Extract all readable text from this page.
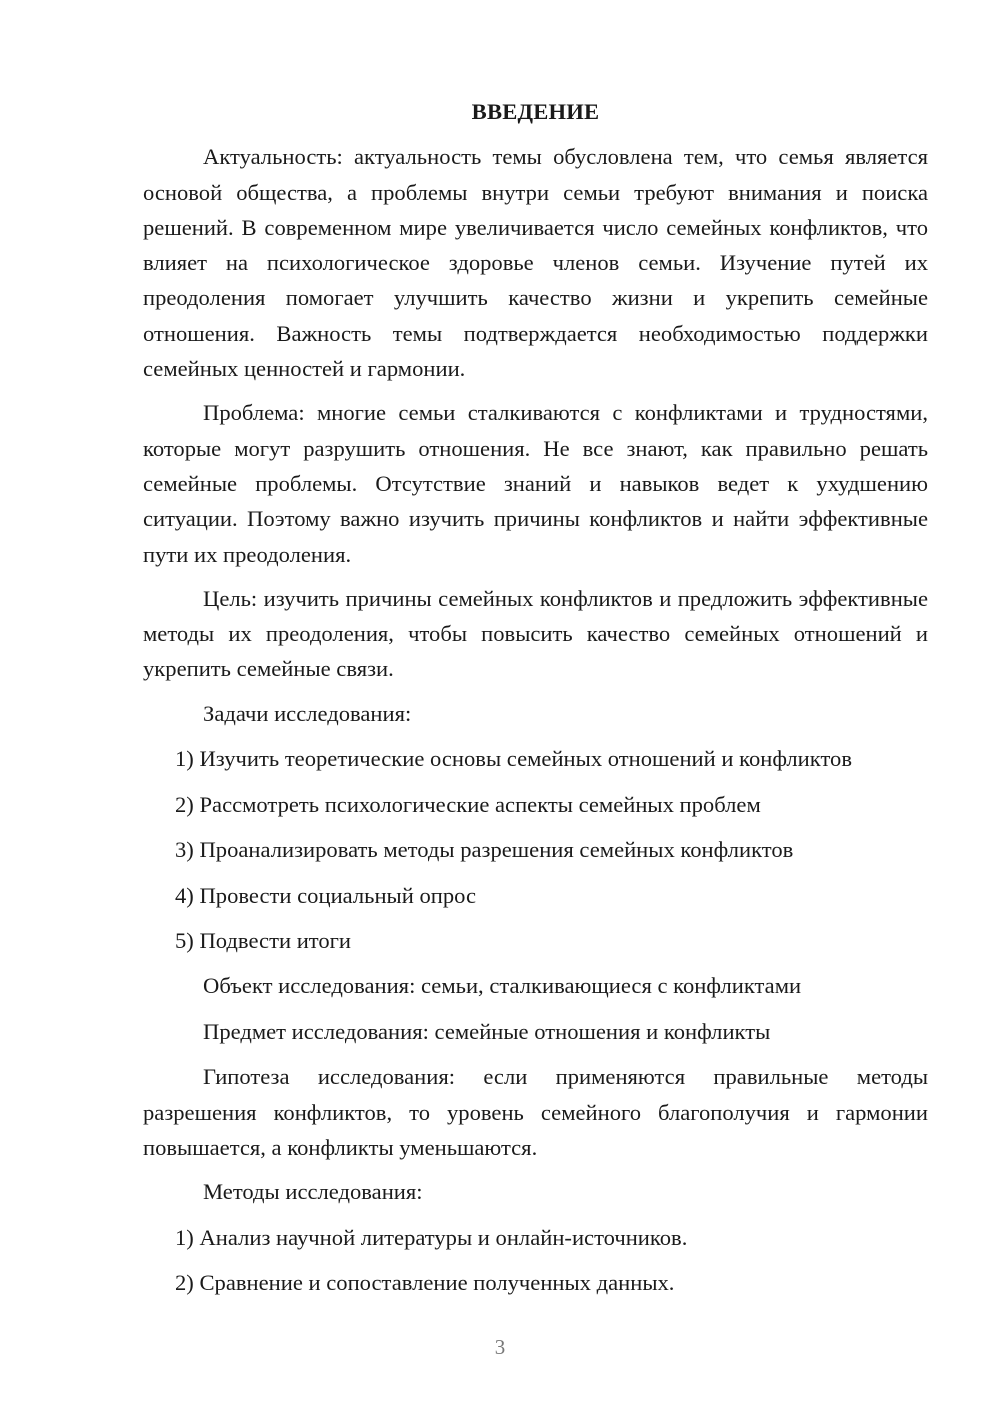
ВВЕДЕНИЕ

Актуальность: актуальность темы обусловлена тем, что семья является основой общества, а проблемы внутри семьи требуют внимания и поиска решений. В современном мире увеличивается число семейных конфликтов, что влияет на психологическое здоровье членов семьи. Изучение путей их преодоления помогает улучшить качество жизни и укрепить семейные отношения. Важность темы подтверждается необходимостью поддержки семейных ценностей и гармонии.

Проблема: многие семьи сталкиваются с конфликтами и трудностями, которые могут разрушить отношения. Не все знают, как правильно решать семейные проблемы. Отсутствие знаний и навыков ведет к ухудшению ситуации. Поэтому важно изучить причины конфликтов и найти эффективные пути их преодоления.

Цель: изучить причины семейных конфликтов и предложить эффективные методы их преодоления, чтобы повысить качество семейных отношений и укрепить семейные связи.

Задачи исследования:

1) Изучить теоретические основы семейных отношений и конфликтов
2) Рассмотреть психологические аспекты семейных проблем
3) Проанализировать методы разрешения семейных конфликтов
4) Провести социальный опрос
5) Подвести итоги

Объект исследования: семьи, сталкивающиеся с конфликтами

Предмет исследования: семейные отношения и конфликты

Гипотеза исследования: если применяются правильные методы разрешения конфликтов, то уровень семейного благополучия и гармонии повышается, а конфликты уменьшаются.

Методы исследования:

1) Анализ научной литературы и онлайн-источников.
2) Сравнение и сопоставление полученных данных.
3
